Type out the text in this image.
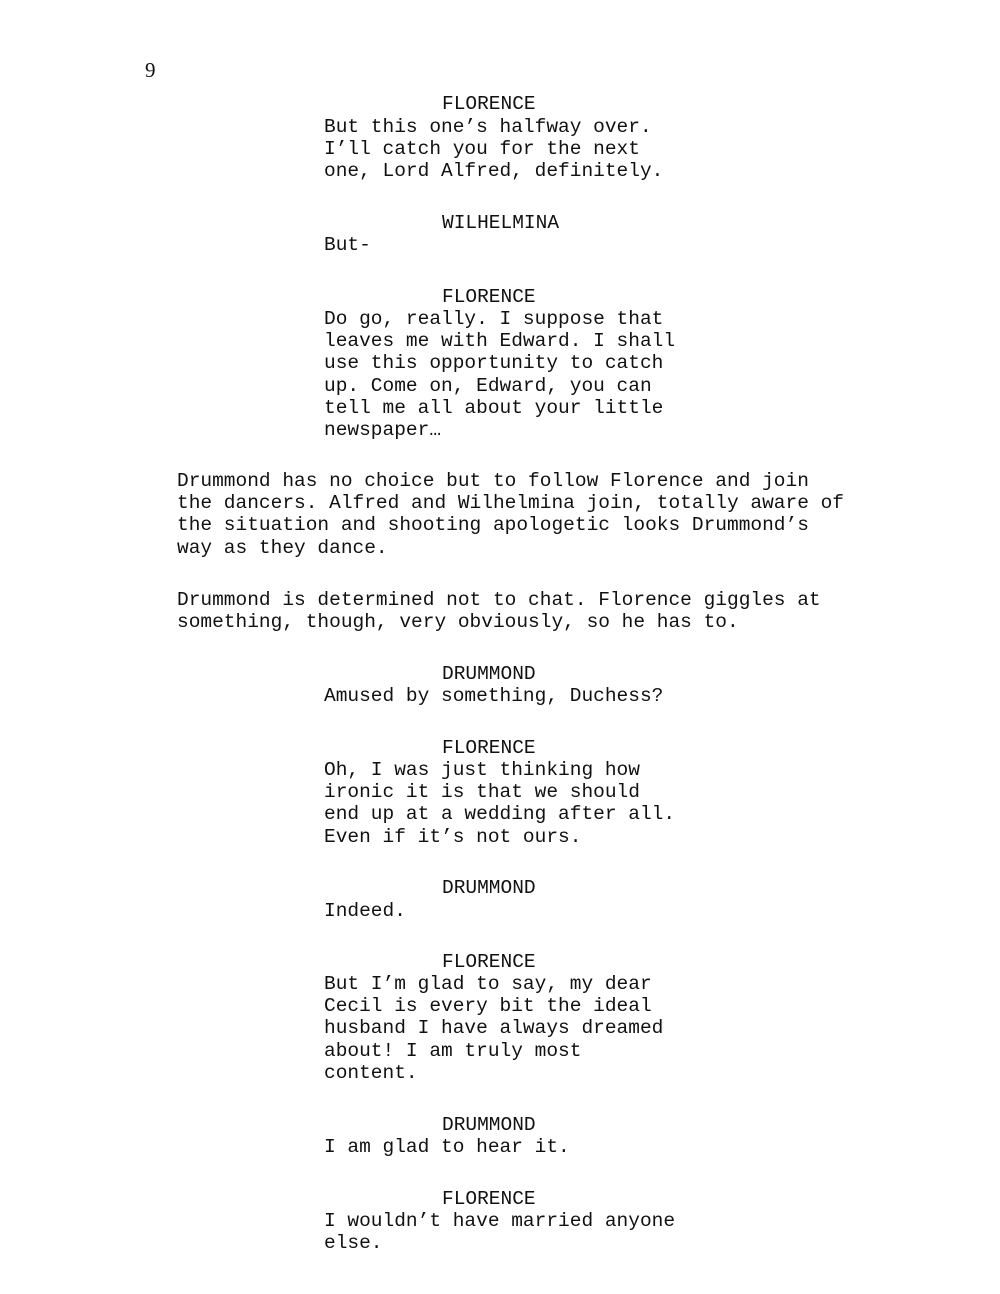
9
FLORENCE
But this one’s halfway over.
I’ll catch you for the next
one, Lord Alfred, definitely.
WILHELMINA
But-
FLORENCE
Do go, really. I suppose that
leaves me with Edward. I shall
use this opportunity to catch
up. Come on, Edward, you can
tell me all about your little
newspaper…
Drummond has no choice but to follow Florence and join
the dancers. Alfred and Wilhelmina join, totally aware of
the situation and shooting apologetic looks Drummond’s
way as they dance.
Drummond is determined not to chat. Florence giggles at
something, though, very obviously, so he has to.
DRUMMOND
Amused by something, Duchess?
FLORENCE
Oh, I was just thinking how
ironic it is that we should
end up at a wedding after all.
Even if it’s not ours.
DRUMMOND
Indeed.
FLORENCE
But I’m glad to say, my dear
Cecil is every bit the ideal
husband I have always dreamed
about! I am truly most
content.
DRUMMOND
I am glad to hear it.
FLORENCE
I wouldn’t have married anyone
else.
